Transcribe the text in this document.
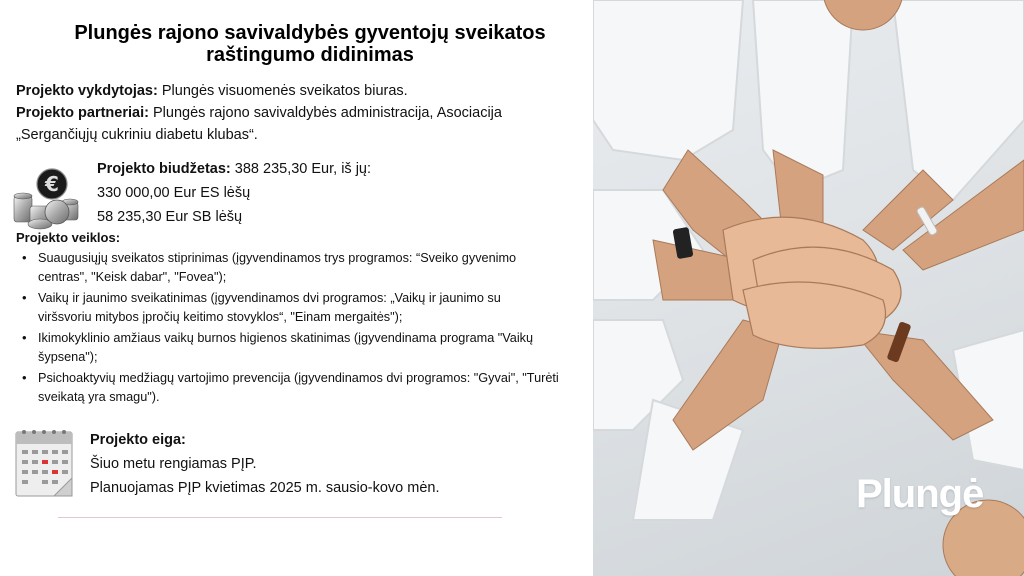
Plungės rajono savivaldybės gyventojų sveikatos raštingumo didinimas
Projekto vykdytojas: Plungės visuomenės sveikatos biuras.
Projekto partneriai: Plungės rajono savivaldybės administracija, Asociacija
„Sergančiųjų cukriniu diabetu klubas“.
€
Projekto biudžetas: 388 235,30 Eur, iš jų:
330 000,00 Eur ES lėšų
58 235,30 Eur SB lėšų
Projekto veiklos:
• Suaugusiųjų sveikatos stiprinimas (įgyvendinamos trys programos: “Sveiko gyvenimo
centras", "Keisk dabar", "Fovea");
• Vaikų ir jaunimo sveikatinimas (įgyvendinamos dvi programos: „Vaikų ir jaunimo su
viršsvoriu mitybos įpročių keitimo stovyklos“, "Einam mergaitės");
• Ikimokyklinio amžiaus vaikų burnos higienos skatinimas (įgyvendinama programa "Vaikų
šypsena");
• Psichoaktyvių medžiagų vartojimo prevencija (įgyvendinamos dvi programos: "Gyvai", "Turėti
sveikatą yra smagu").
Projekto eiga:
Šiuo metu rengiamas PĮP.
Planuojamas PĮP kvietimas 2025 m. sausio-kovo mėn.	Plungė
